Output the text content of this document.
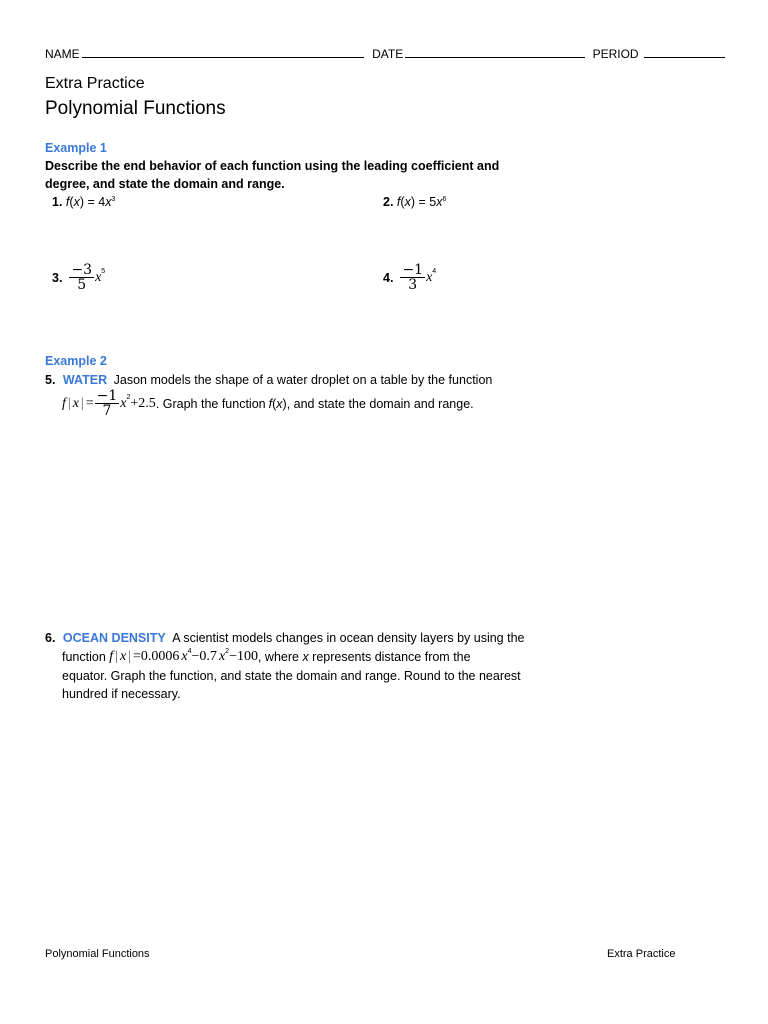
NAME	DATE	PERIOD
Extra Practice
Polynomial Functions
Example 1
Describe the end behavior of each function using the leading coefficient and
degree, and state the domain and range.
1. $f(x) = 4x^3$	2. $f(x) = 5x^6$
3. $\frac{-3}{5} x^5$	4. $\frac{-1}{3} x^4$
Example 2
5. WATER Jason models the shape of a water droplet on a table by the function
f | x | = $\frac{-1}{7} x^2 +2.5$ . Graph the function f ( x ) , and state the domain and range.
6. OCEAN DENSITY A scientist models changes in ocean density layers by using the
function f | x | =0.0006 $x^4 -0.7$ $x^2 -100$ , where x represents distance from the
equator. Graph the function, and state the domain and range. Round to the nearest
hundred if necessary.
Polynomial Functions	Extra Practice
